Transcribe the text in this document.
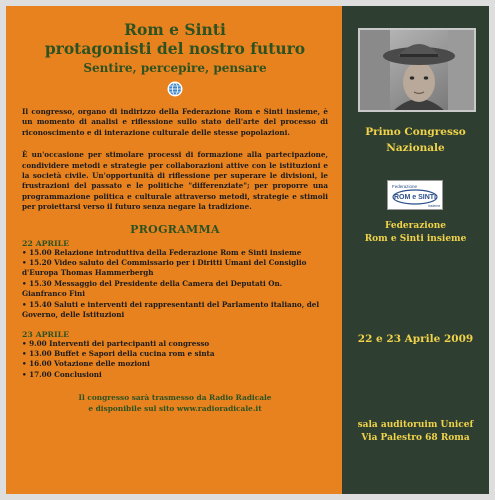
Rom e Sinti
protagonisti del nostro futuro
Sentire, percepire, pensare

Il congresso, organo di indirizzo della Federazione Rom e Sinti insieme, è un momento di analisi e riflessione sullo stato dell'arte del processo di riconoscimento e di interazione culturale delle stesse popolazioni.

È un'occasione per stimolare processi di formazione alla partecipazione, condividere metodi e strategie per collaborazioni attive con le istituzioni e la società civile. Un'opportunità di riflessione per superare le divisioni, le frustrazioni del passato e le politiche "differenziate"; per proporre una programmazione politica e culturale attraverso metodi, strategie e stimoli per proiettarsi verso il futuro senza negare la tradizione.

PROGRAMMA
22 APRILE
• 15.00 Relazione introduttiva della Federazione Rom e Sinti insieme
• 15.20 Video saluto del Commissario per i Diritti Umani del Consiglio d'Europa Thomas Hammerbergh
• 15.30 Messaggio del Presidente della Camera dei Deputati On. Gianfranco Fini
• 15.40 Saluti e interventi dei rappresentanti del Parlamento italiano, del Governo, delle Istituzioni
23 APRILE
• 9.00 Interventi dei partecipanti al congresso
• 13.00 Buffet e Sapori della cucina rom e sinta
• 16.00 Votazione delle mozioni
• 17.00 Conclusioni
Il congresso sarà trasmesso da Radio Radicale
e disponibile sul sito www.radioradicale.it
Primo Congresso
Nazionale
Federazione
ROM e SINTI
insieme
Federazione
Rom e Sinti insieme
22 e 23 Aprile 2009
sala auditoruim Unicef
Via Palestro 68 Roma
